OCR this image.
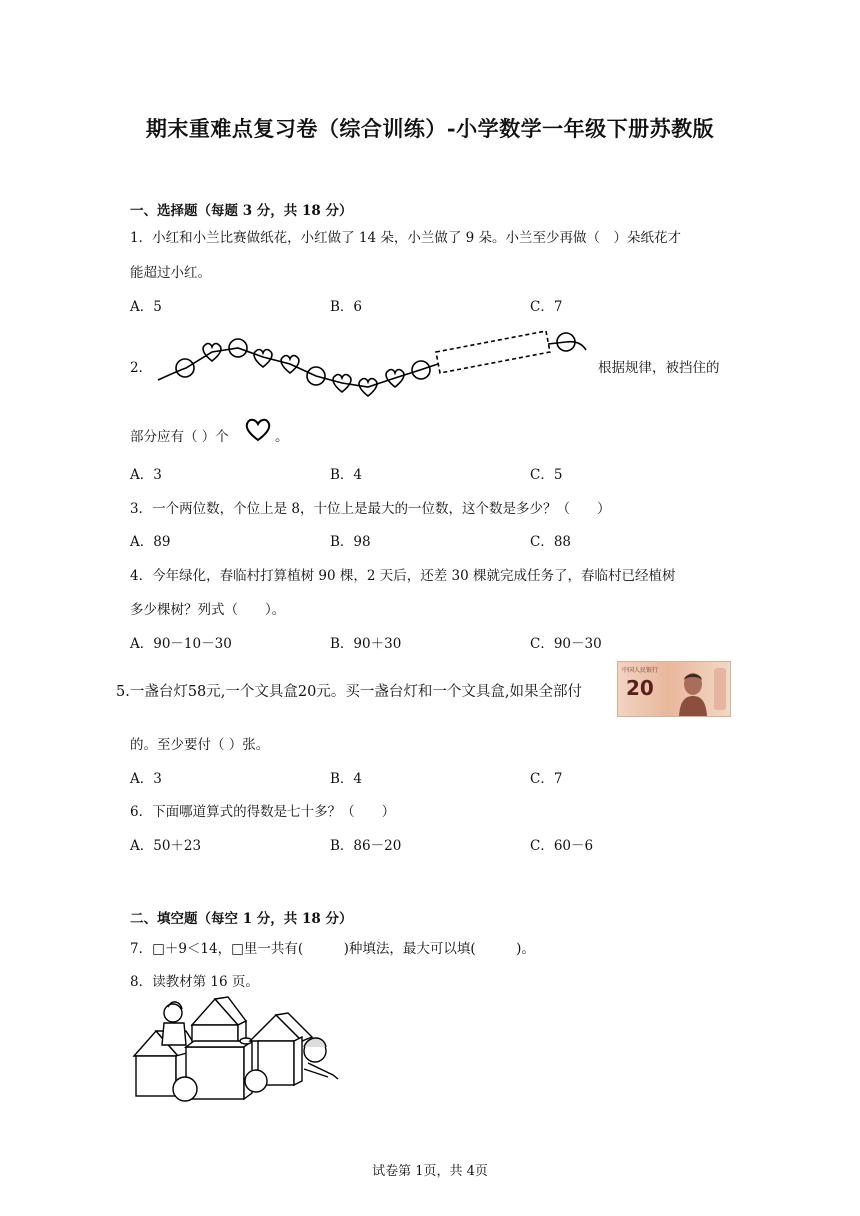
期末重难点复习卷（综合训练）-小学数学一年级下册苏教版
一、选择题（每题 3 分，共 18 分）
1．小红和小兰比赛做纸花，小红做了 14 朵，小兰做了 9 朵。小兰至少再做（　）朵纸花才
能超过小红。
A．5	B．6	C．7
2．	根据规律，被挡住的
部分应有（ ）个	。
A．3	B．4	C．5
3．一个两位数，个位上是 8，十位上是最大的一位数，这个数是多少？（　　）
A．89	B．98	C．88
4．今年绿化，春临村打算植树 90 棵，2 天后，还差 30 棵就完成任务了，春临村已经植树
多少棵树？列式（　　）。
A．90－10－30	B．90＋30	C．90－30
5.一盏台灯58元,一个文具盒20元。买一盏台灯和一个文具盒,如果全部付
中国人民银行
20
的。至少要付（ ）张。
A．3	B．4	C．7
6．下面哪道算式的得数是七十多？（　　）
A．50＋23	B．86－20	C．60－6
二、填空题（每空 1 分，共 18 分）
7．□＋9＜14，□里一共有(　　　)种填法，最大可以填(　　　)。
8．读教材第 16 页。
试卷第 1页，共 4页
